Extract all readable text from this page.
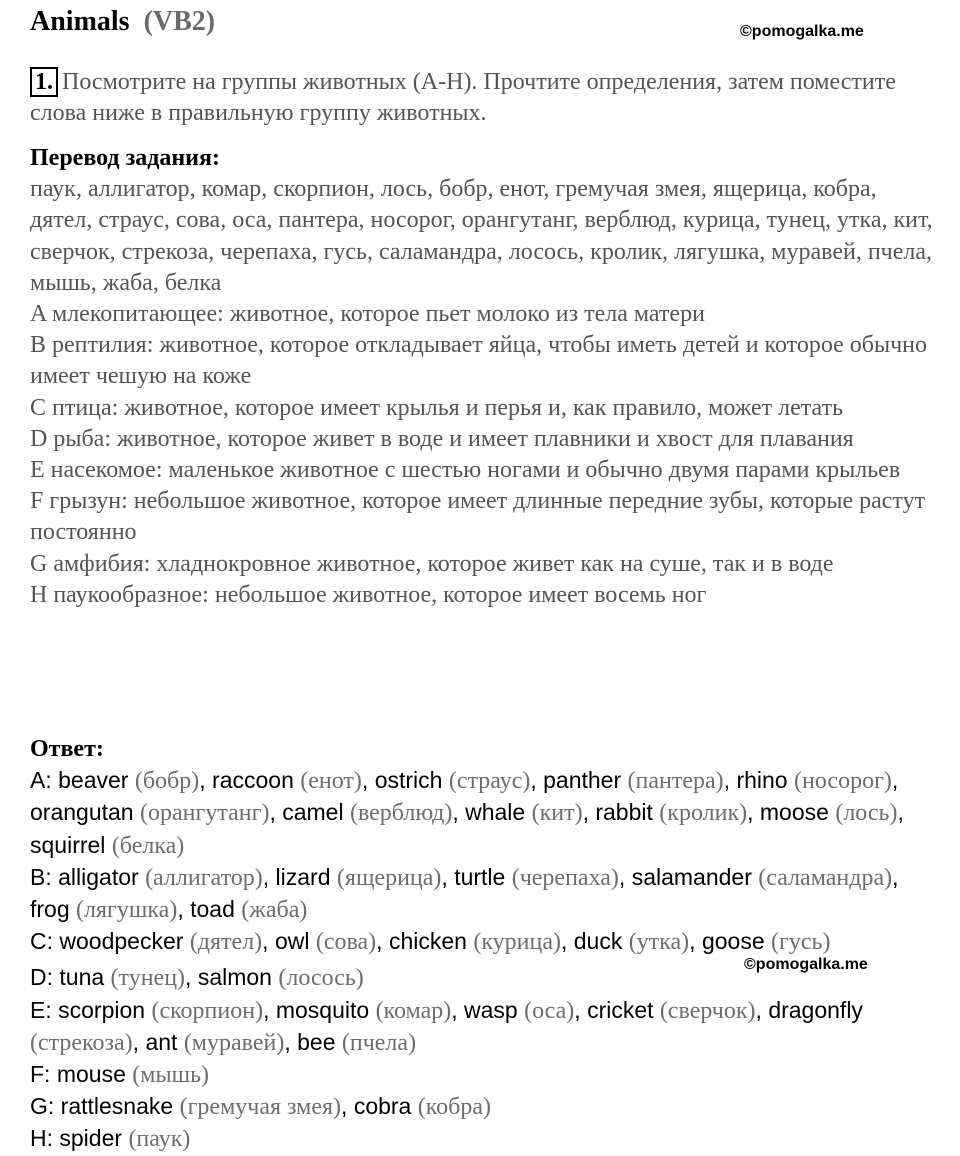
Animals (VB2)	©pomogalka.me
1. Посмотрите на группы животных (A-H). Прочтите определения, затем поместите слова ниже в правильную группу животных.
Перевод задания:
паук, аллигатор, комар, скорпион, лось, бобр, енот, гремучая змея, ящерица, кобра, дятел, страус, сова, оса, пантера, носорог, орангутанг, верблюд, курица, тунец, утка, кит, сверчок, стрекоза, черепаха, гусь, саламандра, лосось, кролик, лягушка, муравей, пчела, мышь, жаба, белка
A млекопитающее: животное, которое пьет молоко из тела матери
B рептилия: животное, которое откладывает яйца, чтобы иметь детей и которое обычно имеет чешую на коже
C птица: животное, которое имеет крылья и перья и, как правило, может летать
D рыба: животное, которое живет в воде и имеет плавники и хвост для плавания
E насекомое: маленькое животное с шестью ногами и обычно двумя парами крыльев
F грызун: небольшое животное, которое имеет длинные передние зубы, которые растут постоянно
G амфибия: хладнокровное животное, которое живет как на суше, так и в воде
H паукообразное: небольшое животное, которое имеет восемь ног
Ответ:
A: beaver (бобр), raccoon (енот), ostrich (страус), panther (пантера), rhino (носорог), orangutan (орангутанг), camel (верблюд), whale (кит), rabbit (кролик), moose (лось), squirrel (белка)
B: alligator (аллигатор), lizard (ящерица), turtle (черепаха), salamander (саламандра), frog (лягушка), toad (жаба)
C: woodpecker (дятел), owl (сова), chicken (курица), duck (утка), goose (гусь)
D: tuna (тунец), salmon (лосось)
E: scorpion (скорпион), mosquito (комар), wasp (оса), cricket (сверчок), dragonfly (стрекоза), ant (муравей), bee (пчела)
F: mouse (мышь)
G: rattlesnake (гремучая змея), cobra (кобра)
H: spider (паук)
©pomogalka.me
